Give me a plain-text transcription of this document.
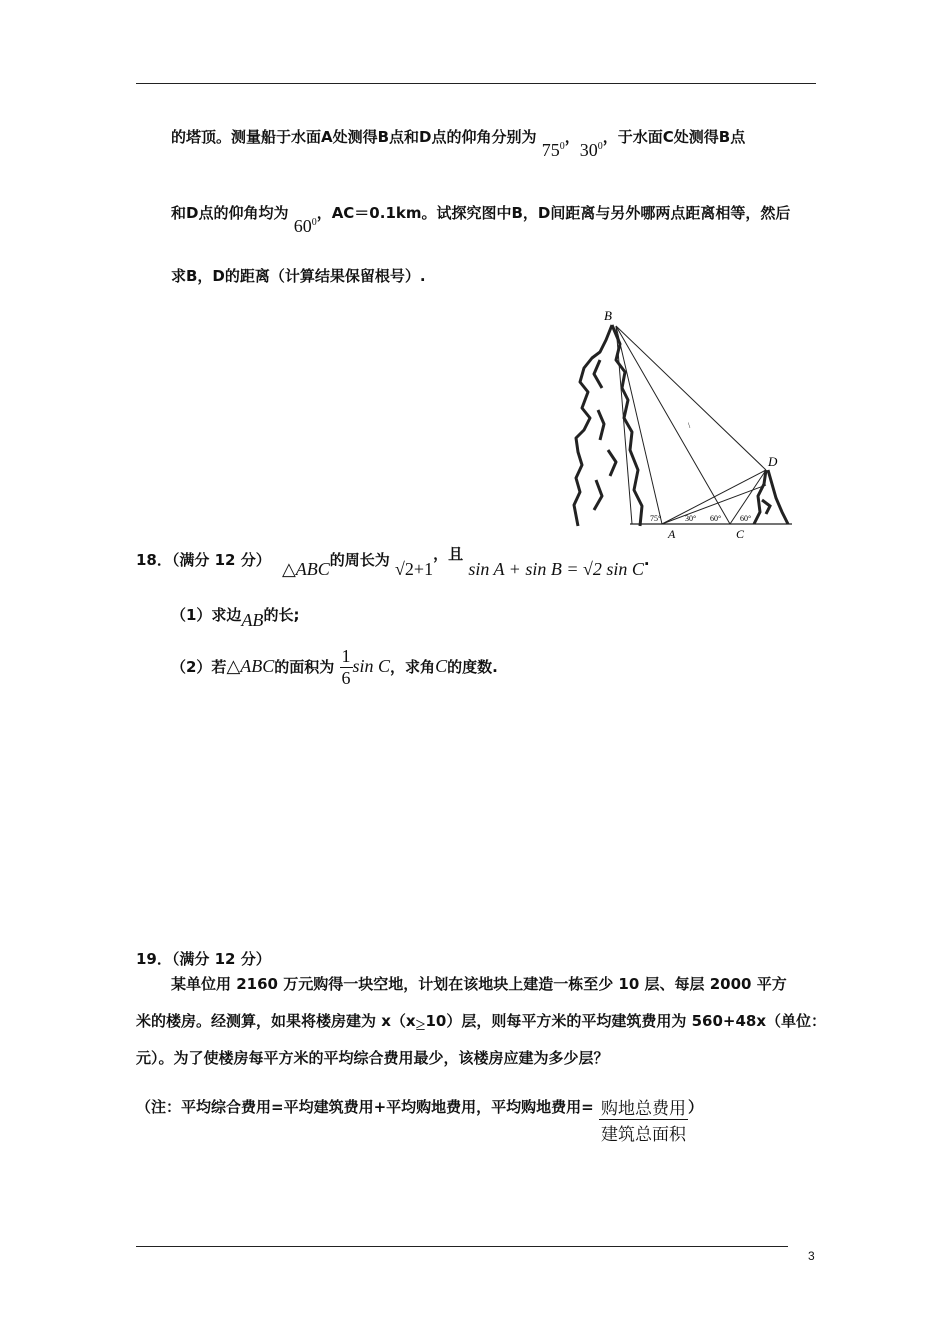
的塔顶。测量船于水面A处测得B点和D点的仰角分别为 $75^0$，$30^0$，于水面C处测得B点
和D点的仰角均为 $60^0$，AC＝0.1km。试探究图中B，D间距离与另外哪两点距离相等，然后
求B，D的距离（计算结果保留根号）.
B
D
A	C
75°	30° 60° 60°
\
18．（满分 12 分） △ABC的周长为 √2+1，且 sin A + sin B = √2 sin C.
（1）求边AB的长;
（2）若△ABC的面积为 $\frac{1}{6}$ sin C，求角C的度数.
19．（满分 12 分）
某单位用 2160 万元购得一块空地，计划在该地块上建造一栋至少 10 层、每层 2000 平方
米的楼房。经测算，如果将楼房建为 x（x≥10）层，则每平方米的平均建筑费用为 560+48x（单位：
元）。为了使楼房每平方米的平均综合费用最少，该楼房应建为多少层？
（注：平均综合费用=平均建筑费用+平均购地费用，平均购地费用= $\frac{\text{购地总费用}}{\text{建筑总面积}}$ ）
3
